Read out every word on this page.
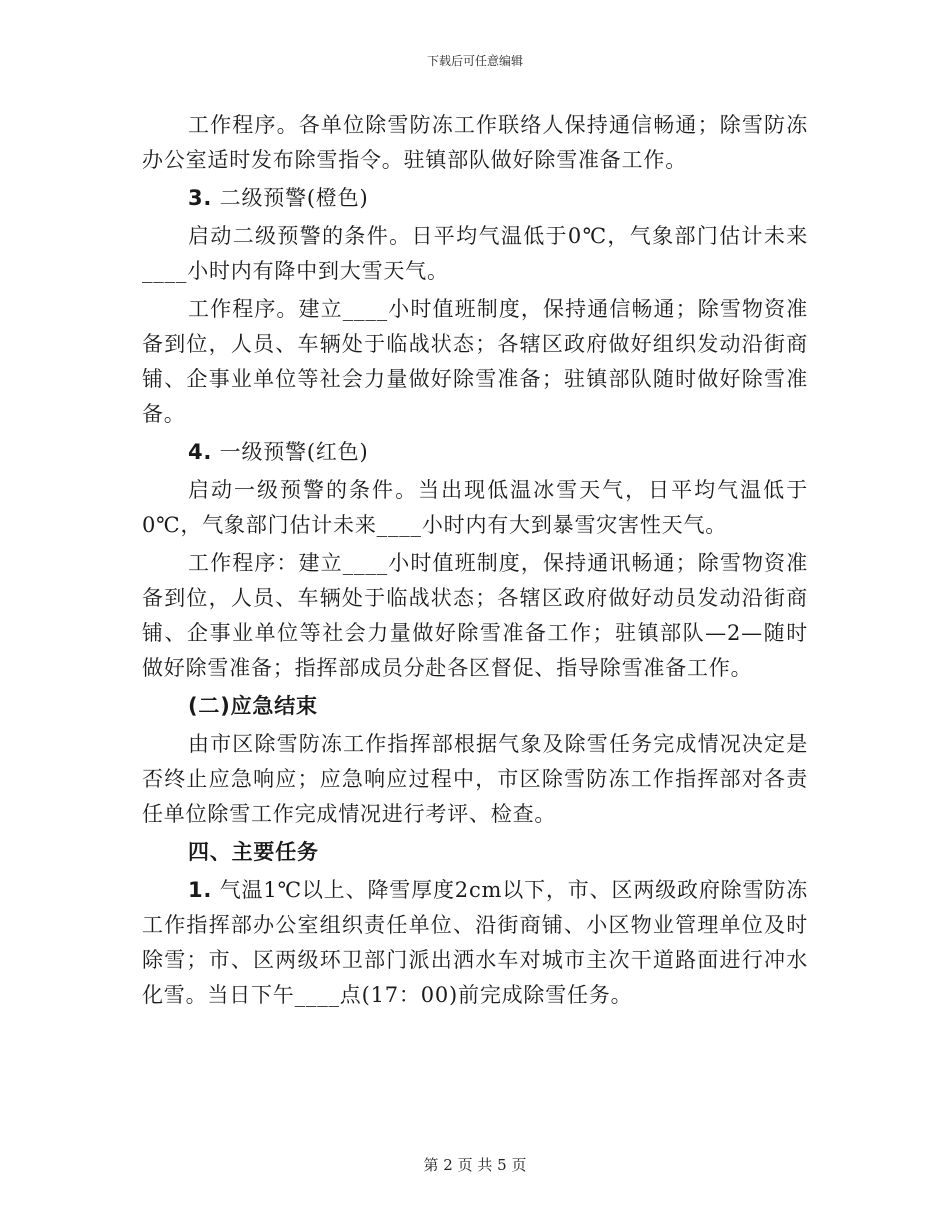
下载后可任意编辑

工作程序。各单位除雪防冻工作联络人保持通信畅通；除雪防冻办公室适时发布除雪指令。驻镇部队做好除雪准备工作。

3. 二级预警(橙色)

启动二级预警的条件。日平均气温低于0℃，气象部门估计未来____小时内有降中到大雪天气。

工作程序。建立____小时值班制度，保持通信畅通；除雪物资准备到位，人员、车辆处于临战状态；各辖区政府做好组织发动沿街商铺、企事业单位等社会力量做好除雪准备；驻镇部队随时做好除雪准备。

4. 一级预警(红色)

启动一级预警的条件。当出现低温冰雪天气，日平均气温低于0℃，气象部门估计未来____小时内有大到暴雪灾害性天气。

工作程序：建立____小时值班制度，保持通讯畅通；除雪物资准备到位，人员、车辆处于临战状态；各辖区政府做好动员发动沿街商铺、企事业单位等社会力量做好除雪准备工作；驻镇部队—2—随时做好除雪准备；指挥部成员分赴各区督促、指导除雪准备工作。

(二)应急结束

由市区除雪防冻工作指挥部根据气象及除雪任务完成情况决定是否终止应急响应；应急响应过程中，市区除雪防冻工作指挥部对各责任单位除雪工作完成情况进行考评、检查。

四、主要任务

1. 气温1℃以上、降雪厚度2cm以下，市、区两级政府除雪防冻工作指挥部办公室组织责任单位、沿街商铺、小区物业管理单位及时除雪；市、区两级环卫部门派出洒水车对城市主次干道路面进行冲水化雪。当日下午____点(17：00)前完成除雪任务。

第 2 页 共 5 页
